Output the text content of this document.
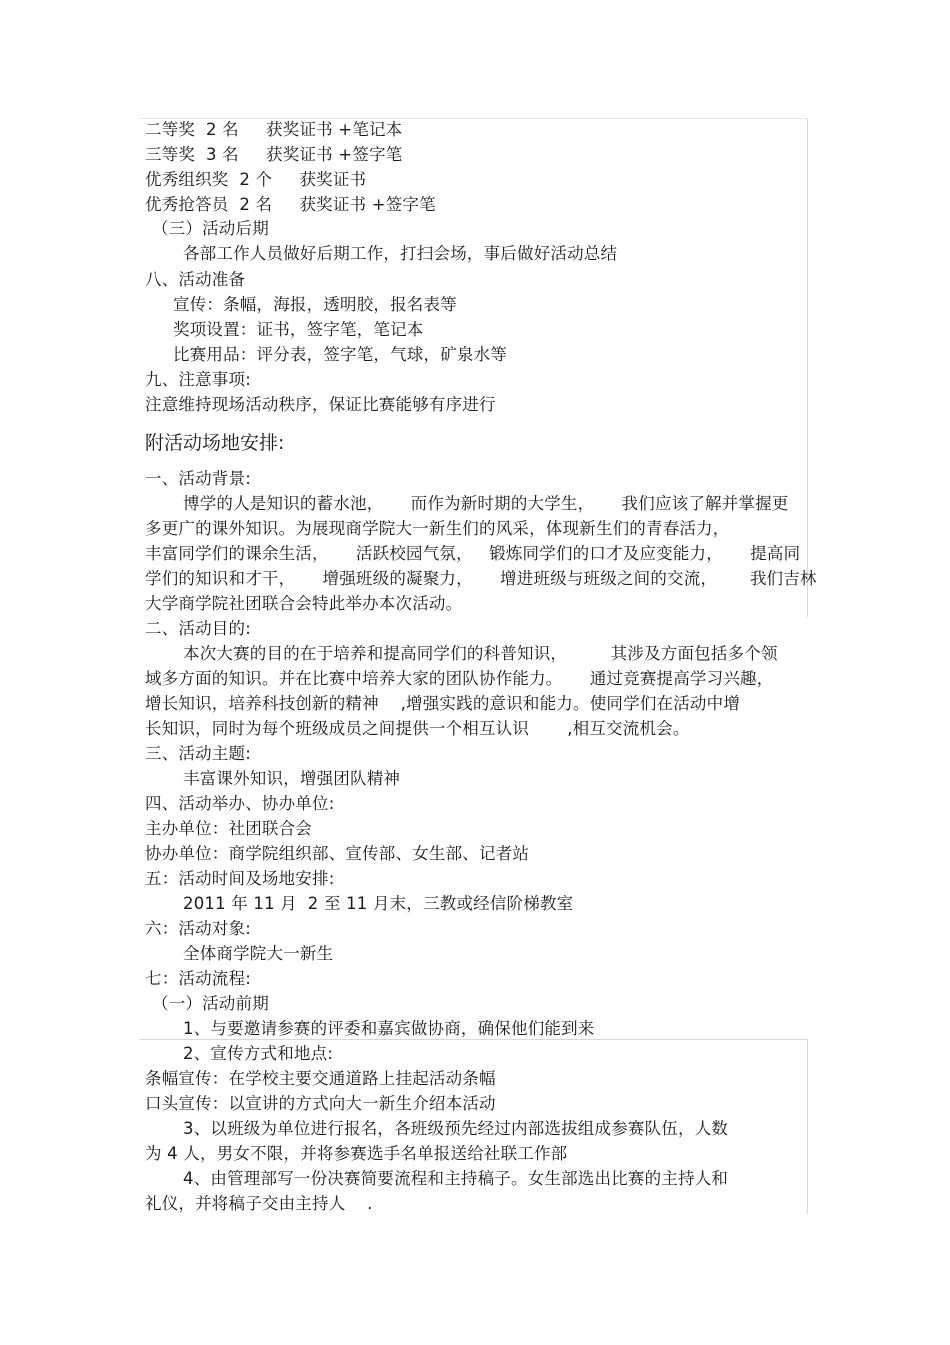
二等奖  2 名     获奖证书 +笔记本
三等奖  3 名     获奖证书 +签字笔
优秀组织奖  2 个     获奖证书
优秀抢答员  2 名     获奖证书 +签字笔
（三）活动后期
各部工作人员做好后期工作，打扫会场，事后做好活动总结
八、活动准备
宣传：条幅，海报，透明胶，报名表等
奖项设置：证书，签字笔，笔记本
比赛用品：评分表，签字笔，气球，矿泉水等
九、注意事项:
注意维持现场活动秩序，保证比赛能够有序进行
附活动场地安排:
一、活动背景:
博学的人是知识的蓄水池，     而作为新时期的大学生，     我们应该了解并掌握更
多更广的课外知识。为展现商学院大一新生们的风采，体现新生们的青春活力，
丰富同学们的课余生活，     活跃校园气氛，   锻炼同学们的口才及应变能力，     提高同
学们的知识和才干，     增强班级的凝聚力，     增进班级与班级之间的交流，      我们吉林
大学商学院社团联合会特此举办本次活动。
二、活动目的:
本次大赛的目的在于培养和提高同学们的科普知识，        其涉及方面包括多个领
域多方面的知识。并在比赛中培养大家的团队协作能力。     通过竞赛提高学习兴趣，
增长知识，培养科技创新的精神    ,增强实践的意识和能力。使同学们在活动中增
长知识，同时为每个班级成员之间提供一个相互认识       ,相互交流机会。
三、活动主题:
丰富课外知识，增强团队精神
四、活动举办、协办单位:
主办单位：社团联合会
协办单位：商学院组织部、宣传部、女生部、记者站
五：活动时间及场地安排:
2011 年 11 月  2 至 11 月末，三教或经信阶梯教室
六：活动对象:
全体商学院大一新生
七：活动流程:
（一）活动前期
1、与要邀请参赛的评委和嘉宾做协商，确保他们能到来
2、宣传方式和地点:
条幅宣传：在学校主要交通道路上挂起活动条幅
口头宣传：以宣讲的方式向大一新生介绍本活动
3、以班级为单位进行报名，各班级预先经过内部选拔组成参赛队伍，人数
为 4 人，男女不限，并将参赛选手名单报送给社联工作部
4、由管理部写一份决赛简要流程和主持稿子。女生部选出比赛的主持人和
礼仪，并将稿子交由主持人    .
